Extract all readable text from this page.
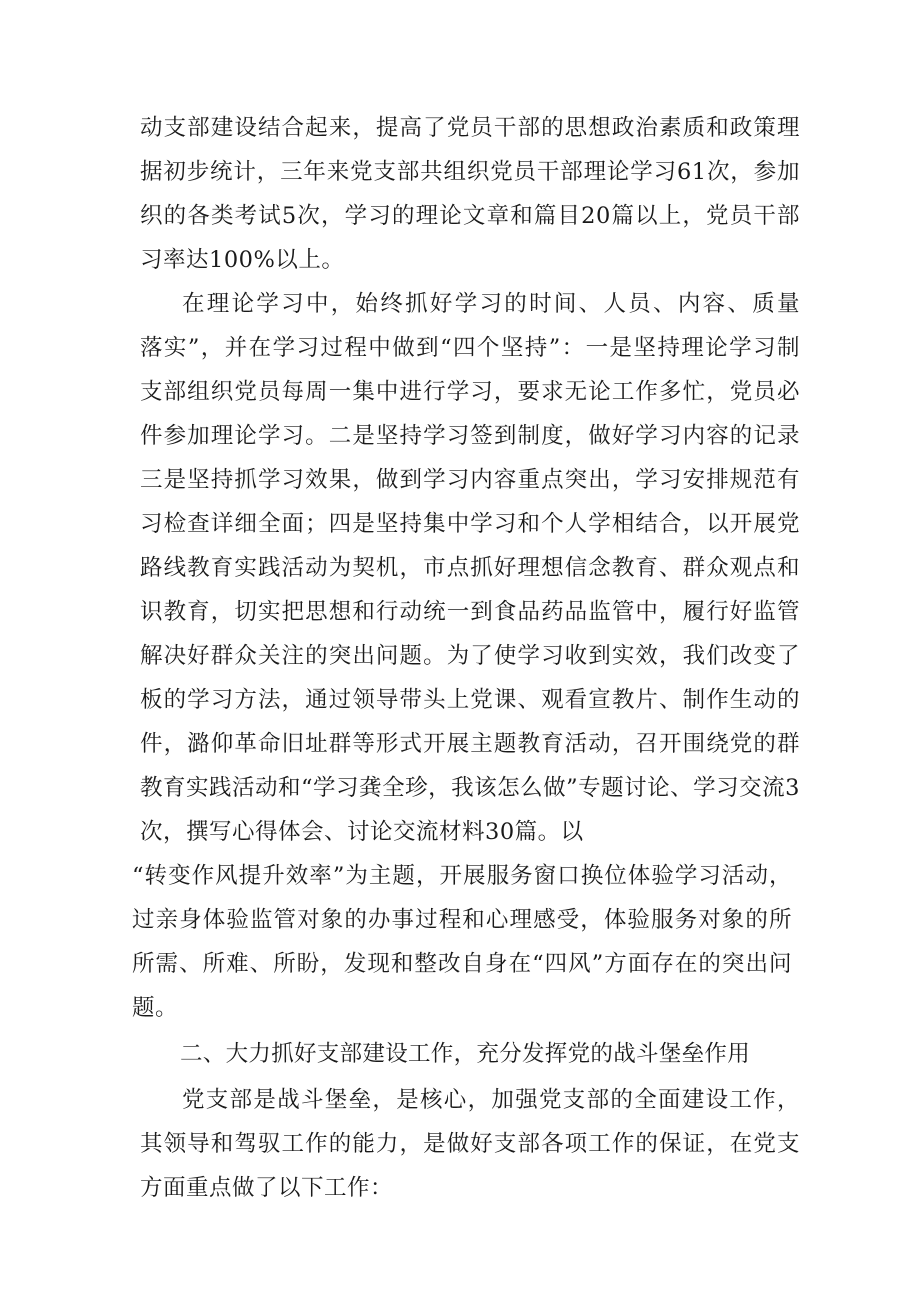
动支部建设结合起来，提高了党员干部的思想政治素质和政策理
据初步统计，三年来党支部共组织党员干部理论学习61次，参加
织的各类考试5次，学习的理论文章和篇目20篇以上，党员干部
习率达100%以上。
在理论学习中，始终抓好学习的时间、人员、内容、质量
落实”，并在学习过程中做到“四个坚持”：一是坚持理论学习制
支部组织党员每周一集中进行学习，要求无论工作多忙，党员必
件参加理论学习。二是坚持学习签到制度，做好学习内容的记录
三是坚持抓学习效果，做到学习内容重点突出，学习安排规范有
习检查详细全面；四是坚持集中学习和个人学相结合，以开展党
路线教育实践活动为契机，市点抓好理想信念教育、群众观点和
识教育，切实把思想和行动统一到食品药品监管中，履行好监管
解决好群众关注的突出问题。为了使学习收到实效，我们改变了
板的学习方法，通过领导带头上党课、观看宣教片、制作生动的
件，潞仰革命旧址群等形式开展主题教育活动，召开围绕党的群
教育实践活动和“学习龚全珍，我该怎么做”专题讨论、学习交流3
次，撰写心得体会、讨论交流材料30篇。以
“转变作风提升效率”为主题，开展服务窗口换位体验学习活动，
过亲身体验监管对象的办事过程和心理感受，体验服务对象的所
所需、所难、所盼，发现和整改自身在“四风”方面存在的突出问
题。
二、大力抓好支部建设工作，充分发挥党的战斗堡垒作用
党支部是战斗堡垒，是核心，加强党支部的全面建设工作，
其领导和驾驭工作的能力，是做好支部各项工作的保证，在党支
方面重点做了以下工作：
